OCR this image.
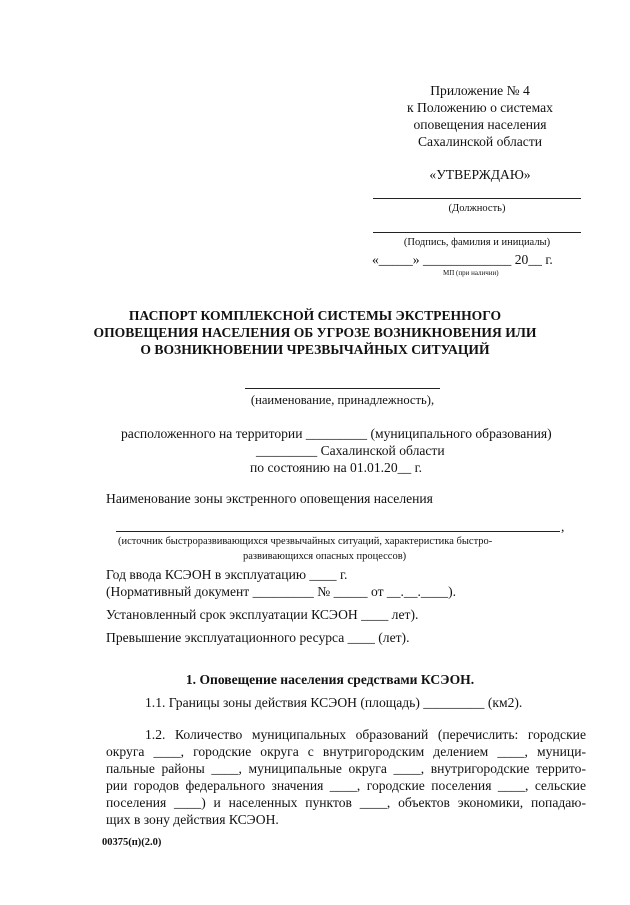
Приложение № 4
к Положению о системах
оповещения населения
Сахалинской области
«УТВЕРЖДАЮ»
(Должность)
(Подпись, фамилия и инициалы)
«_____» _____________ 20__ г.
МП (при наличии)
ПАСПОРТ КОМПЛЕКСНОЙ СИСТЕМЫ ЭКСТРЕННОГО
ОПОВЕЩЕНИЯ НАСЕЛЕНИЯ ОБ УГРОЗЕ ВОЗНИКНОВЕНИЯ ИЛИ
О ВОЗНИКНОВЕНИИ ЧРЕЗВЫЧАЙНЫХ СИТУАЦИЙ
(наименование, принадлежность),
расположенного на территории _________ (муниципального образования)
_________ Сахалинской области
по состоянию на 01.01.20__ г.
Наименование зоны экстренного оповещения населения
,
(источник быстроразвивающихся чрезвычайных ситуаций, характеристика быстро-
развивающихся опасных процессов)
Год ввода КСЭОН в эксплуатацию ____ г.
(Нормативный документ _________ № _____ от __.__.____).
Установленный срок эксплуатации КСЭОН ____ лет).
Превышение эксплуатационного ресурса ____ (лет).
1. Оповещение населения средствами КСЭОН.
1.1. Границы зоны действия КСЭОН (площадь) _________ (км2).
1.2. Количество муниципальных образований (перечислить: городские
округа ____, городские округа с внутригородским делением ____, муници-
пальные районы ____, муниципальные округа ____, внутригородские террито-
рии городов федерального значения ____, городские поселения ____, сельские
поселения ____) и населенных пунктов ____, объектов экономики, попадаю-
щих в зону действия КСЭОН.
00375(п)(2.0)
